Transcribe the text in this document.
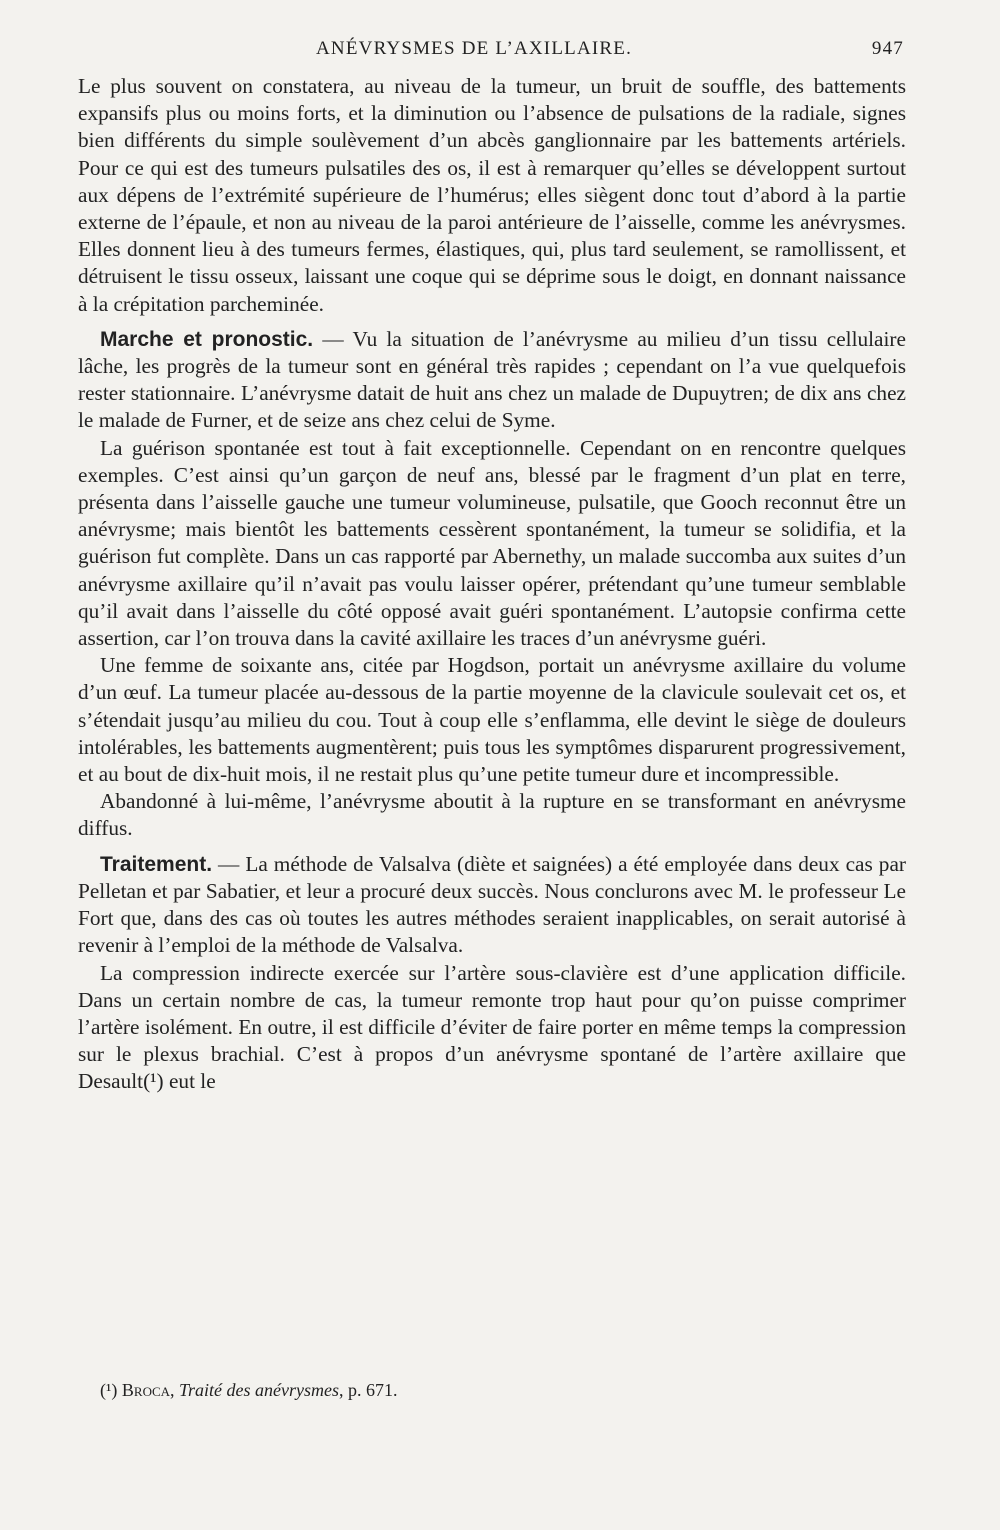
ANÉVRYSMES DE L’AXILLAIRE.	947

Le plus souvent on constatera, au niveau de la tumeur, un bruit de souffle, des battements expansifs plus ou moins forts, et la diminution ou l’absence de pulsations de la radiale, signes bien différents du simple soulèvement d’un abcès ganglionnaire par les battements artériels. Pour ce qui est des tumeurs pulsatiles des os, il est à remarquer qu’elles se développent surtout aux dépens de l’extrémité supérieure de l’humérus; elles siègent donc tout d’abord à la partie externe de l’épaule, et non au niveau de la paroi antérieure de l’aisselle, comme les anévrysmes. Elles donnent lieu à des tumeurs fermes, élastiques, qui, plus tard seulement, se ramollissent, et détruisent le tissu osseux, laissant une coque qui se déprime sous le doigt, en donnant naissance à la crépitation parcheminée.

Marche et pronostic. — Vu la situation de l’anévrysme au milieu d’un tissu cellulaire lâche, les progrès de la tumeur sont en général très rapides ; cependant on l’a vue quelquefois rester stationnaire. L’anévrysme datait de huit ans chez un malade de Dupuytren; de dix ans chez le malade de Furner, et de seize ans chez celui de Syme.

La guérison spontanée est tout à fait exceptionnelle. Cependant on en rencontre quelques exemples. C’est ainsi qu’un garçon de neuf ans, blessé par le fragment d’un plat en terre, présenta dans l’aisselle gauche une tumeur volumineuse, pulsatile, que Gooch reconnut être un anévrysme; mais bientôt les battements cessèrent spontanément, la tumeur se solidifia, et la guérison fut complète. Dans un cas rapporté par Abernethy, un malade succomba aux suites d’un anévrysme axillaire qu’il n’avait pas voulu laisser opérer, prétendant qu’une tumeur semblable qu’il avait dans l’aisselle du côté opposé avait guéri spontanément. L’autopsie confirma cette assertion, car l’on trouva dans la cavité axillaire les traces d’un anévrysme guéri.

Une femme de soixante ans, citée par Hogdson, portait un anévrysme axillaire du volume d’un œuf. La tumeur placée au-dessous de la partie moyenne de la clavicule soulevait cet os, et s’étendait jusqu’au milieu du cou. Tout à coup elle s’enflamma, elle devint le siège de douleurs intolérables, les battements augmentèrent; puis tous les symptômes disparurent progressivement, et au bout de dix-huit mois, il ne restait plus qu’une petite tumeur dure et incompressible.

Abandonné à lui-même, l’anévrysme aboutit à la rupture en se transformant en anévrysme diffus.

Traitement. — La méthode de Valsalva (diète et saignées) a été employée dans deux cas par Pelletan et par Sabatier, et leur a procuré deux succès. Nous conclurons avec M. le professeur Le Fort que, dans des cas où toutes les autres méthodes seraient inapplicables, on serait autorisé à revenir à l’emploi de la méthode de Valsalva.

La compression indirecte exercée sur l’artère sous-clavière est d’une application difficile. Dans un certain nombre de cas, la tumeur remonte trop haut pour qu’on puisse comprimer l’artère isolément. En outre, il est difficile d’éviter de faire porter en même temps la compression sur le plexus brachial. C’est à propos d’un anévrysme spontané de l’artère axillaire que Desault(¹) eut le

(¹) Broca, Traité des anévrysmes, p. 671.
